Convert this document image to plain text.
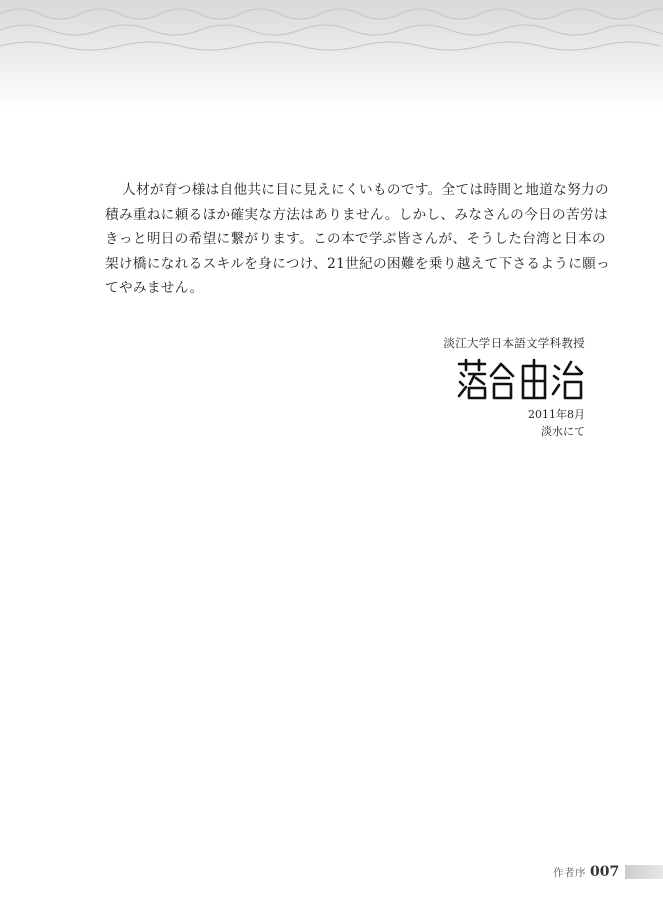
人材が育つ様は自他共に目に見えにくいものです。全ては時間と地道な努力の

積み重ねに頼るほか確実な方法はありません。しかし、みなさんの今日の苦労は

きっと明日の希望に繋がります。この本で学ぶ皆さんが、そうした台湾と日本の

架け橋になれるスキルを身につけ、21世紀の困難を乗り越えて下さるように願っ

てやみません。

淡江大学日本語文学科教授
2011年8月
淡水にて
作者序 007
